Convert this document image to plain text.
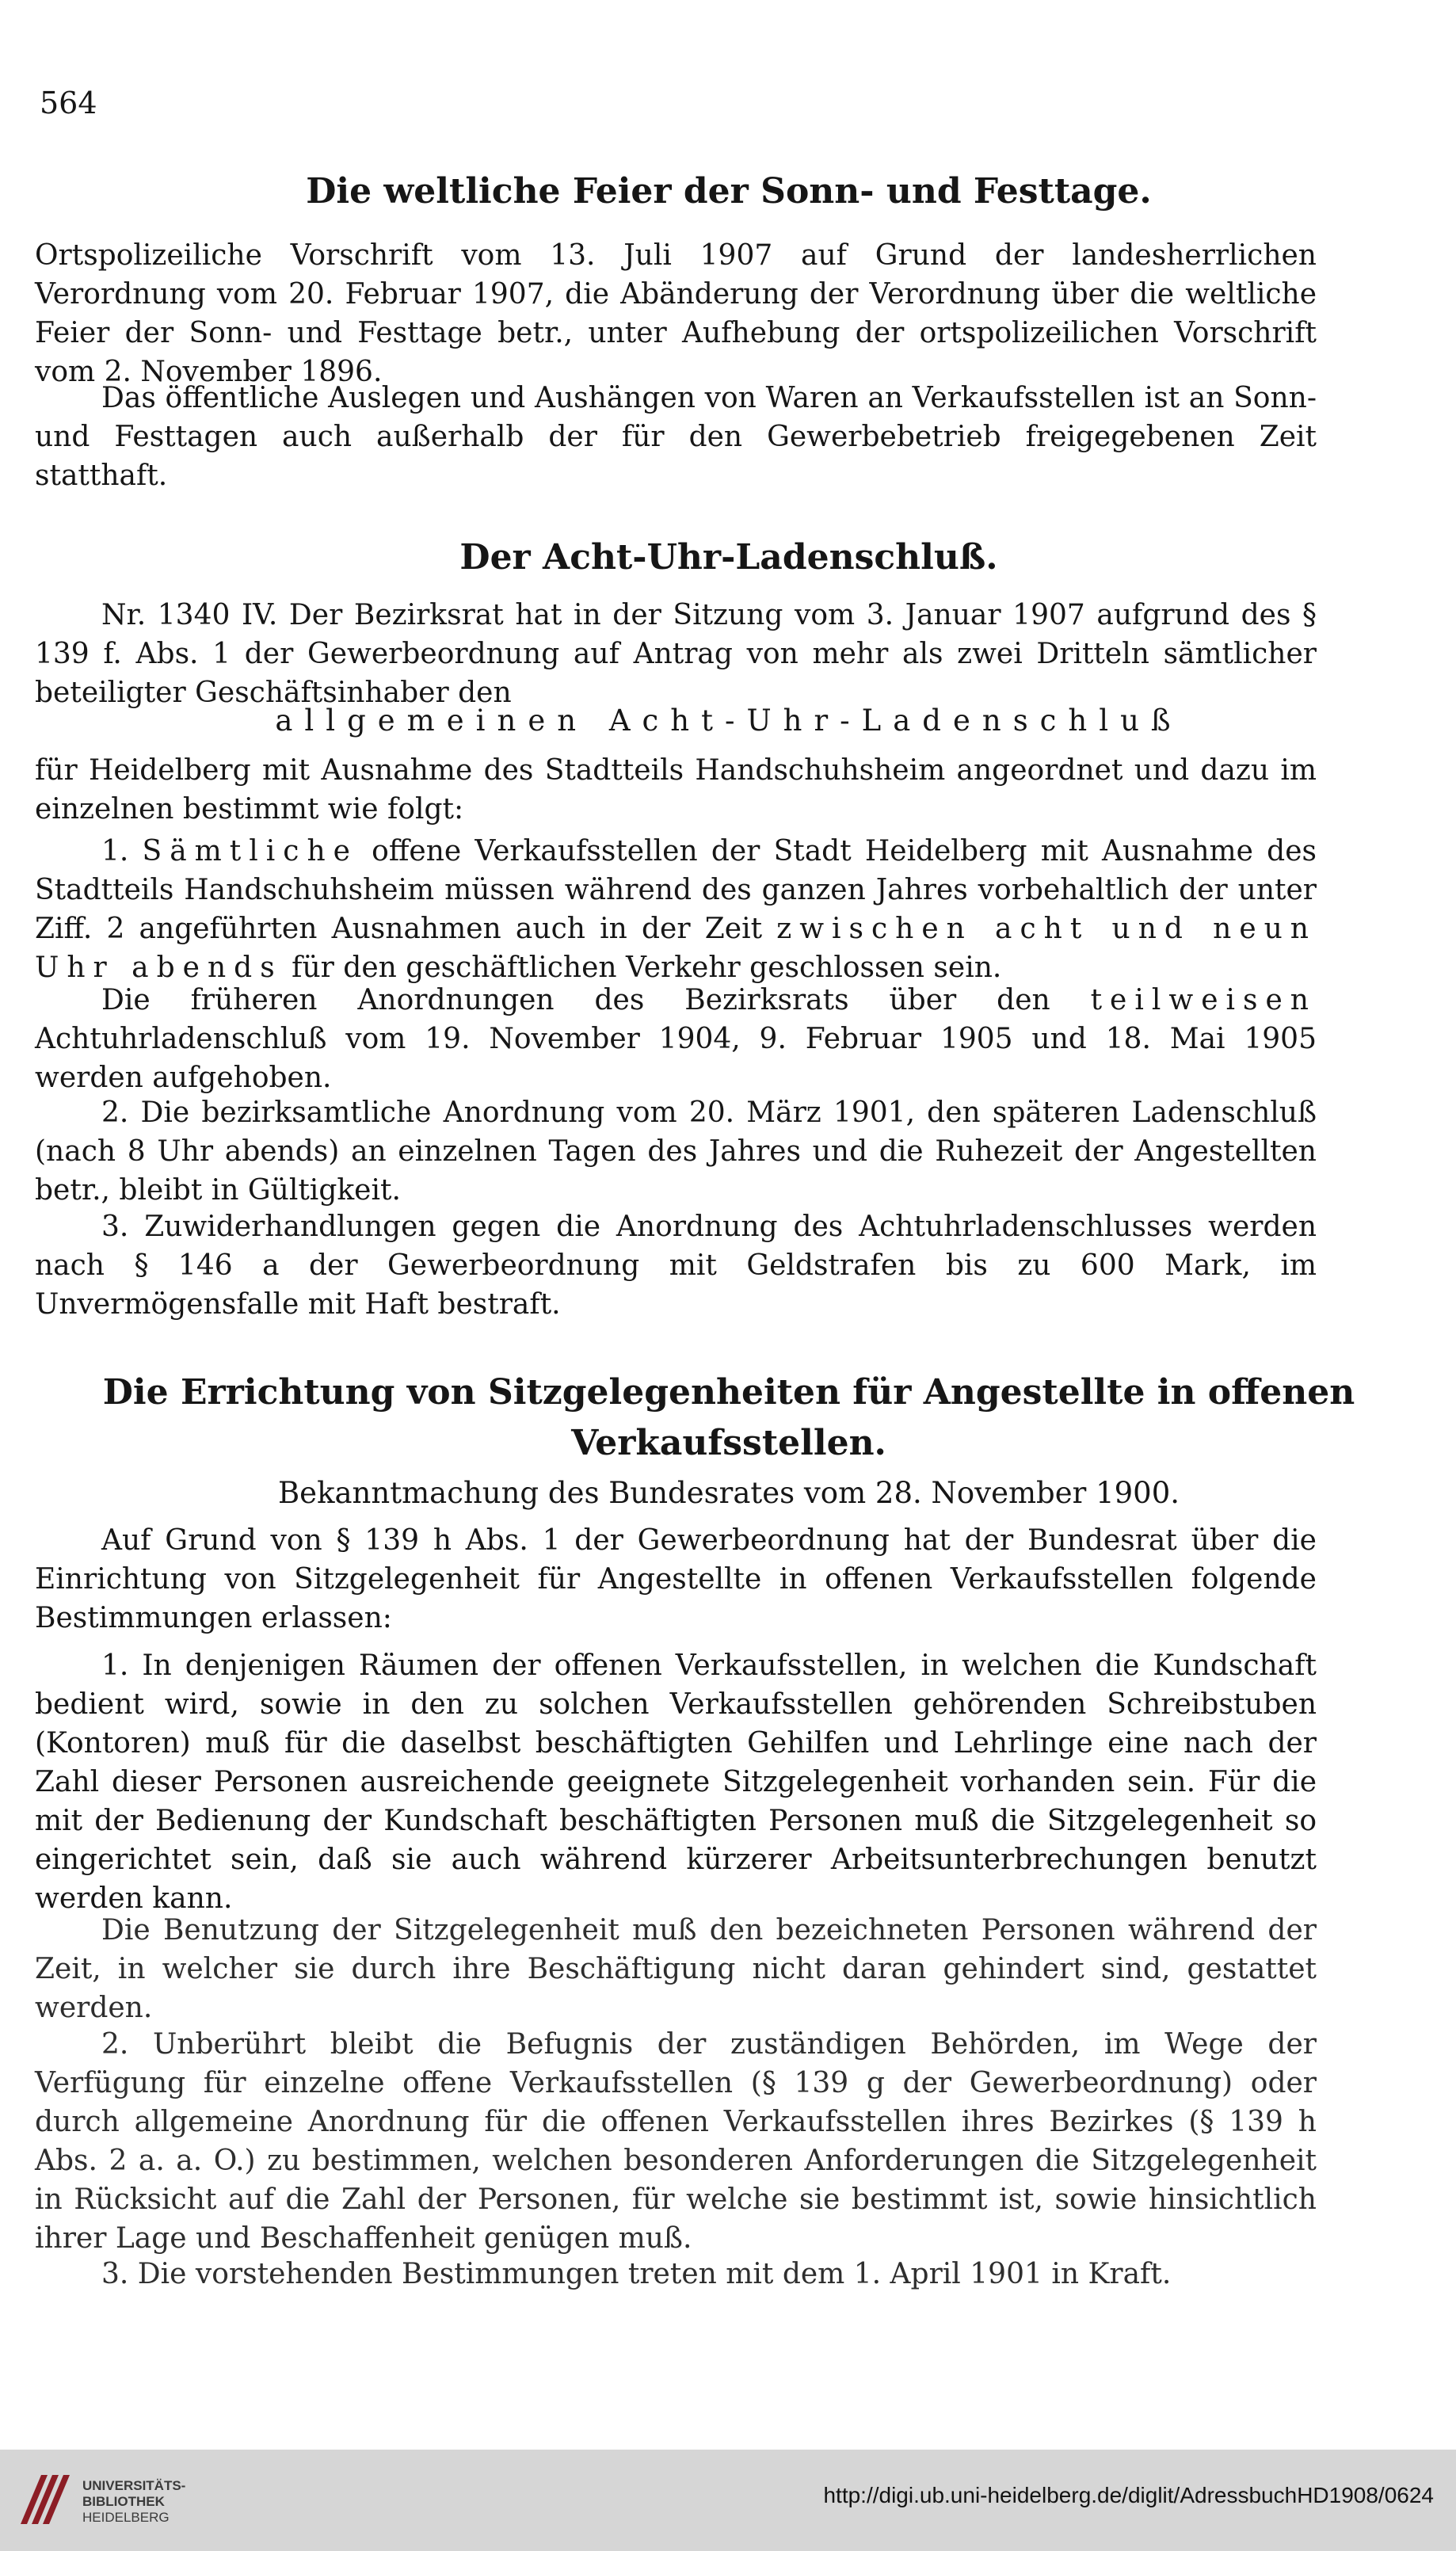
564
Die weltliche Feier der Sonn- und Festtage.
Ortspolizeiliche Vorschrift vom 13. Juli 1907 auf Grund der landesherrlichen Verordnung vom 20. Februar 1907, die Abänderung der Verordnung über die weltliche Feier der Sonn- und Festtage betr., unter Aufhebung der ortspolizeilichen Vorschrift vom 2. November 1896.
Das öffentliche Auslegen und Aushängen von Waren an Verkaufsstellen ist an Sonn- und Festtagen auch außerhalb der für den Gewerbebetrieb freigegebenen Zeit statthaft.
Der Acht-Uhr-Ladenschluß.
Nr. 1340 IV. Der Bezirksrat hat in der Sitzung vom 3. Januar 1907 aufgrund des § 139 f. Abs. 1 der Gewerbeordnung auf Antrag von mehr als zwei Dritteln sämtlicher beteiligter Geschäftsinhaber den
allgemeinen Acht-Uhr-Ladenschluß
für Heidelberg mit Ausnahme des Stadtteils Handschuhsheim angeordnet und dazu im einzelnen bestimmt wie folgt:
1. Sämtliche offene Verkaufsstellen der Stadt Heidelberg mit Ausnahme des Stadtteils Handschuhsheim müssen während des ganzen Jahres vorbehaltlich der unter Ziff. 2 angeführten Ausnahmen auch in der Zeit zwischen acht und neun Uhr abends für den geschäftlichen Verkehr geschlossen sein.
Die früheren Anordnungen des Bezirksrats über den teilweisen Achtuhrladenschluß vom 19. November 1904, 9. Februar 1905 und 18. Mai 1905 werden aufgehoben.
2. Die bezirksamtliche Anordnung vom 20. März 1901, den späteren Ladenschluß (nach 8 Uhr abends) an einzelnen Tagen des Jahres und die Ruhezeit der Angestellten betr., bleibt in Gültigkeit.
3. Zuwiderhandlungen gegen die Anordnung des Achtuhrladenschlusses werden nach § 146 a der Gewerbeordnung mit Geldstrafen bis zu 600 Mark, im Unvermögensfalle mit Haft bestraft.
Die Errichtung von Sitzgelegenheiten für Angestellte in offenen
Verkaufsstellen.
Bekanntmachung des Bundesrates vom 28. November 1900.
Auf Grund von § 139 h Abs. 1 der Gewerbeordnung hat der Bundesrat über die Einrichtung von Sitzgelegenheit für Angestellte in offenen Verkaufsstellen folgende Bestimmungen erlassen:
1. In denjenigen Räumen der offenen Verkaufsstellen, in welchen die Kundschaft bedient wird, sowie in den zu solchen Verkaufsstellen gehörenden Schreibstuben (Kontoren) muß für die daselbst beschäftigten Gehilfen und Lehrlinge eine nach der Zahl dieser Personen ausreichende geeignete Sitzgelegenheit vorhanden sein. Für die mit der Bedienung der Kundschaft beschäftigten Personen muß die Sitzgelegenheit so eingerichtet sein, daß sie auch während kürzerer Arbeitsunterbrechungen benutzt werden kann.
Die Benutzung der Sitzgelegenheit muß den bezeichneten Personen während der Zeit, in welcher sie durch ihre Beschäftigung nicht daran gehindert sind, gestattet werden.
2. Unberührt bleibt die Befugnis der zuständigen Behörden, im Wege der Verfügung für einzelne offene Verkaufsstellen (§ 139 g der Gewerbeordnung) oder durch allgemeine Anordnung für die offenen Verkaufsstellen ihres Bezirkes (§ 139 h Abs. 2 a. a. O.) zu bestimmen, welchen besonderen Anforderungen die Sitzgelegenheit in Rücksicht auf die Zahl der Personen, für welche sie bestimmt ist, sowie hinsichtlich ihrer Lage und Beschaffenheit genügen muß.
3. Die vorstehenden Bestimmungen treten mit dem 1. April 1901 in Kraft.
UNIVERSITÄTS-
BIBLIOTHEK
HEIDELBERG
http://digi.ub.uni-heidelberg.de/diglit/AdressbuchHD1908/0624
